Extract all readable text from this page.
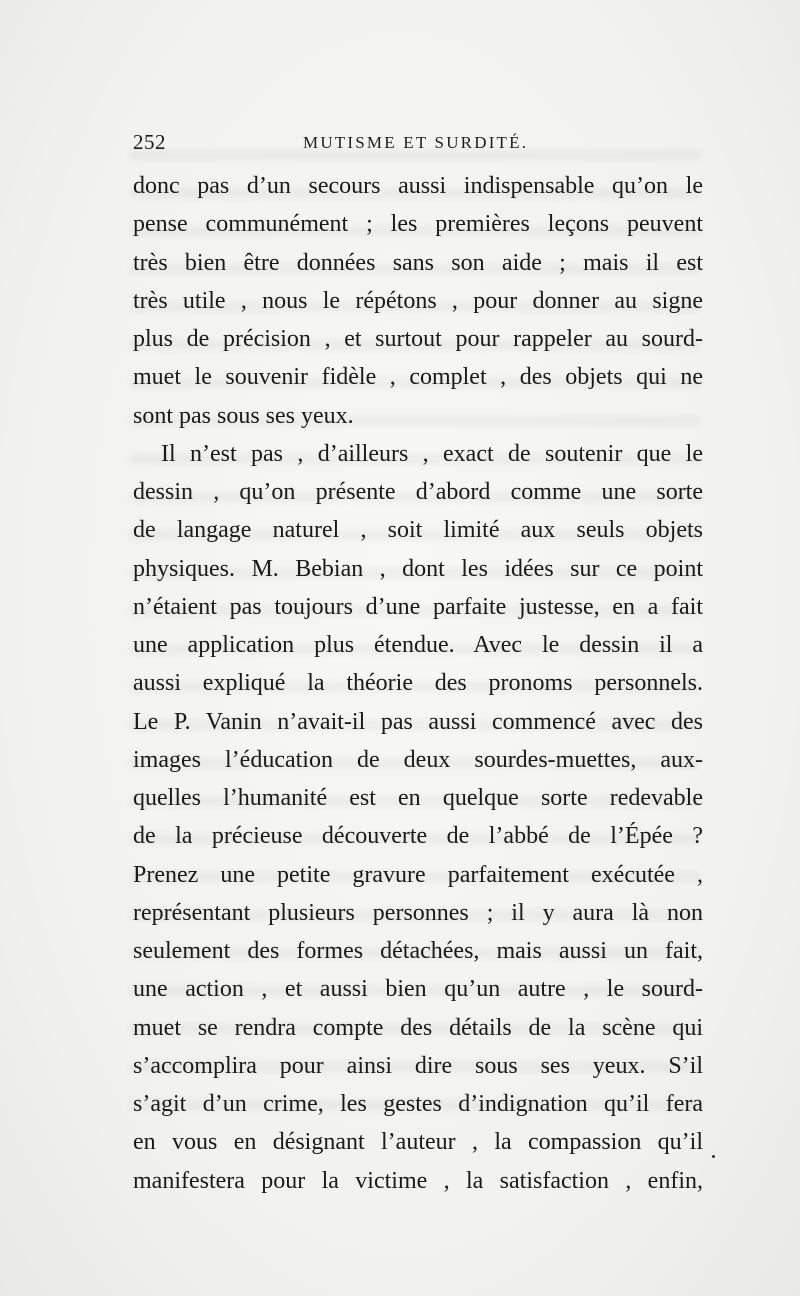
252	MUTISME ET SURDITÉ.
donc pas d’un secours aussi indispensable qu’on le
pense communément ; les premières leçons peuvent
très bien être données sans son aide ; mais il est
très utile , nous le répétons , pour donner au signe
plus de précision , et surtout pour rappeler au sourd-
muet le souvenir fidèle , complet , des objets qui ne
sont pas sous ses yeux.
Il n’est pas , d’ailleurs , exact de soutenir que le
dessin , qu’on présente d’abord comme une sorte
de langage naturel , soit limité aux seuls objets
physiques. M. Bebian , dont les idées sur ce point
n’étaient pas toujours d’une parfaite justesse, en a fait
une application plus étendue. Avec le dessin il a
aussi expliqué la théorie des pronoms personnels.
Le P. Vanin n’avait-il pas aussi commencé avec des
images l’éducation de deux sourdes-muettes, aux-
quelles l’humanité est en quelque sorte redevable
de la précieuse découverte de l’abbé de l’Épée ?
Prenez une petite gravure parfaitement exécutée ,
représentant plusieurs personnes ; il y aura là non
seulement des formes détachées, mais aussi un fait,
une action , et aussi bien qu’un autre , le sourd-
muet se rendra compte des détails de la scène qui
s’accomplira pour ainsi dire sous ses yeux. S’il
s’agit d’un crime, les gestes d’indignation qu’il fera
en vous en désignant l’auteur , la compassion qu’il
manifestera pour la victime , la satisfaction , enfin,
